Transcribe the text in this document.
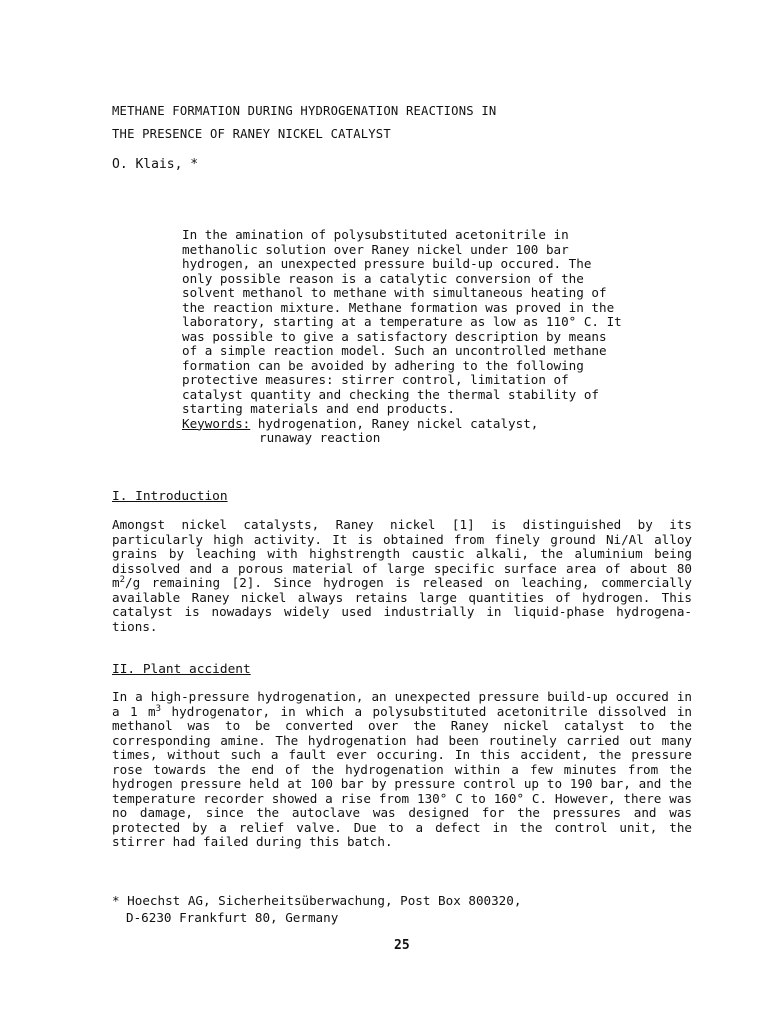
METHANE FORMATION DURING HYDROGENATION REACTIONS IN
THE PRESENCE OF RANEY NICKEL CATALYST
O. Klais, *

In the amination of polysubstituted acetonitrile in methanolic solution over Raney nickel under 100 bar hydrogen, an unexpected pressure build-up occured. The only possible reason is a catalytic conversion of the solvent methanol to methane with simultaneous heating of the reaction mixture. Methane formation was proved in the laboratory, starting at a temperature as low as 110° C. It was possible to give a satisfactory description by means of a simple reaction model. Such an uncontrolled methane formation can be avoided by adhering to the following protective measures: stirrer control, limitation of catalyst quantity and checking the thermal stability of starting materials and end products.

Keywords: hydrogenation, Raney nickel catalyst,
runaway reaction
I. Introduction

Amongst nickel catalysts, Raney nickel [1] is distinguished by its particularly high activity. It is obtained from finely ground Ni/Al alloy grains by leaching with highstrength caustic alkali, the aluminium being dissolved and a porous material of large specific surface area of about 80 $m^2/g$ remaining [2]. Since hydrogen is released on leaching, commercially available Raney nickel always retains large quantities of hydrogen. This catalyst is nowadays widely used industrially in liquid-phase hydrogena-tions.

II. Plant accident

In a high-pressure hydrogenation, an unexpected pressure build-up occured in a 1 $m^3$ hydrogenator, in which a polysubstituted acetonitrile dissolved in methanol was to be converted over the Raney nickel catalyst to the corresponding amine. The hydrogenation had been routinely carried out many times, without such a fault ever occuring. In this accident, the pressure rose towards the end of the hydrogenation within a few minutes from the hydrogen pressure held at 100 bar by pressure control up to 190 bar, and the temperature recorder showed a rise from 130° C to 160° C. However, there was no damage, since the autoclave was designed for the pressures and was protected by a relief valve. Due to a defect in the control unit, the stirrer had failed during this batch.

* Hoechst AG, Sicherheitsüberwachung, Post Box 800320,
D-6230 Frankfurt 80, Germany
25
